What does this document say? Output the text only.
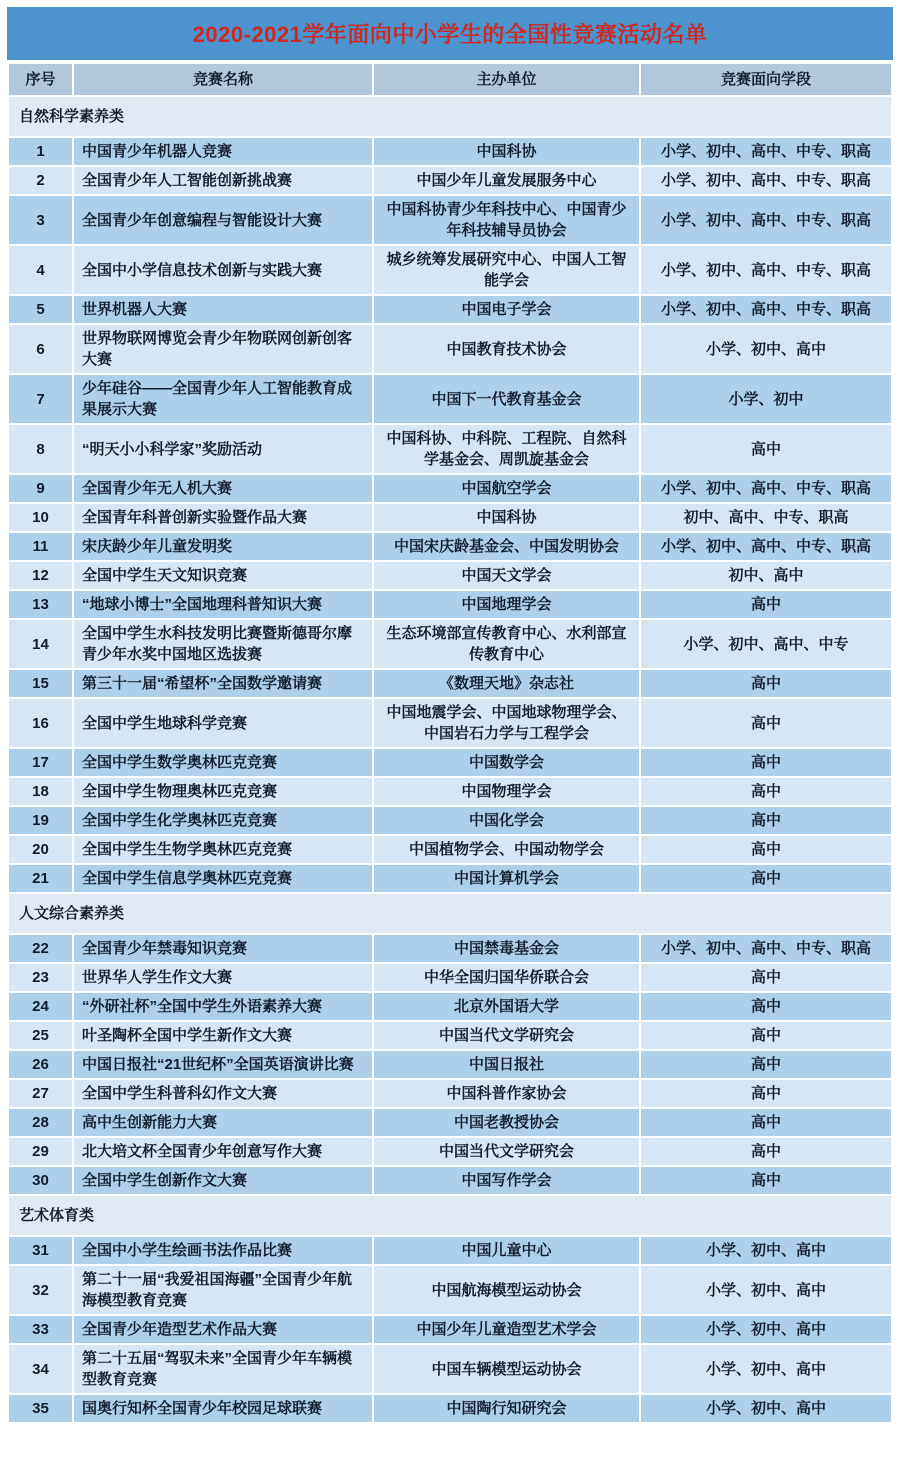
2020-2021学年面向中小学生的全国性竞赛活动名单
序号	竞赛名称	主办单位	竞赛面向学段
自然科学素养类			
1	中国青少年机器人竞赛	中国科协	小学、初中、高中、中专、职高
2	全国青少年人工智能创新挑战赛	中国少年儿童发展服务中心	小学、初中、高中、中专、职高
3	全国青少年创意编程与智能设计大赛	中国科协青少年科技中心、中国青少年科技辅导员协会	小学、初中、高中、中专、职高
4	全国中小学信息技术创新与实践大赛	城乡统筹发展研究中心、中国人工智能学会	小学、初中、高中、中专、职高
5	世界机器人大赛	中国电子学会	小学、初中、高中、中专、职高
6	世界物联网博览会青少年物联网创新创客大赛	中国教育技术协会	小学、初中、高中
7	少年硅谷——全国青少年人工智能教育成果展示大赛	中国下一代教育基金会	小学、初中
8	“明天小小科学家”奖励活动	中国科协、中科院、工程院、自然科学基金会、周凯旋基金会	高中
9	全国青少年无人机大赛	中国航空学会	小学、初中、高中、中专、职高
10	全国青年科普创新实验暨作品大赛	中国科协	初中、高中、中专、职高
11	宋庆龄少年儿童发明奖	中国宋庆龄基金会、中国发明协会	小学、初中、高中、中专、职高
12	全国中学生天文知识竞赛	中国天文学会	初中、高中
13	“地球小博士”全国地理科普知识大赛	中国地理学会	高中
14	全国中学生水科技发明比赛暨斯德哥尔摩青少年水奖中国地区选拔赛	生态环境部宣传教育中心、水利部宣传教育中心	小学、初中、高中、中专
15	第三十一届“希望杯”全国数学邀请赛	《数理天地》杂志社	高中
16	全国中学生地球科学竞赛	中国地震学会、中国地球物理学会、中国岩石力学与工程学会	高中
17	全国中学生数学奥林匹克竞赛	中国数学会	高中
18	全国中学生物理奥林匹克竞赛	中国物理学会	高中
19	全国中学生化学奥林匹克竞赛	中国化学会	高中
20	全国中学生生物学奥林匹克竞赛	中国植物学会、中国动物学会	高中
21	全国中学生信息学奥林匹克竞赛	中国计算机学会	高中
人文综合素养类			
22	全国青少年禁毒知识竞赛	中国禁毒基金会	小学、初中、高中、中专、职高
23	世界华人学生作文大赛	中华全国归国华侨联合会	高中
24	“外研社杯”全国中学生外语素养大赛	北京外国语大学	高中
25	叶圣陶杯全国中学生新作文大赛	中国当代文学研究会	高中
26	中国日报社“21世纪杯”全国英语演讲比赛	中国日报社	高中
27	全国中学生科普科幻作文大赛	中国科普作家协会	高中
28	高中生创新能力大赛	中国老教授协会	高中
29	北大培文杯全国青少年创意写作大赛	中国当代文学研究会	高中
30	全国中学生创新作文大赛	中国写作学会	高中
艺术体育类			
31	全国中小学生绘画书法作品比赛	中国儿童中心	小学、初中、高中
32	第二十一届“我爱祖国海疆”全国青少年航海模型教育竞赛	中国航海模型运动协会	小学、初中、高中
33	全国青少年造型艺术作品大赛	中国少年儿童造型艺术学会	小学、初中、高中
34	第二十五届“驾驭未来”全国青少年车辆模型教育竞赛	中国车辆模型运动协会	小学、初中、高中
35	国奥行知杯全国青少年校园足球联赛	中国陶行知研究会	小学、初中、高中
